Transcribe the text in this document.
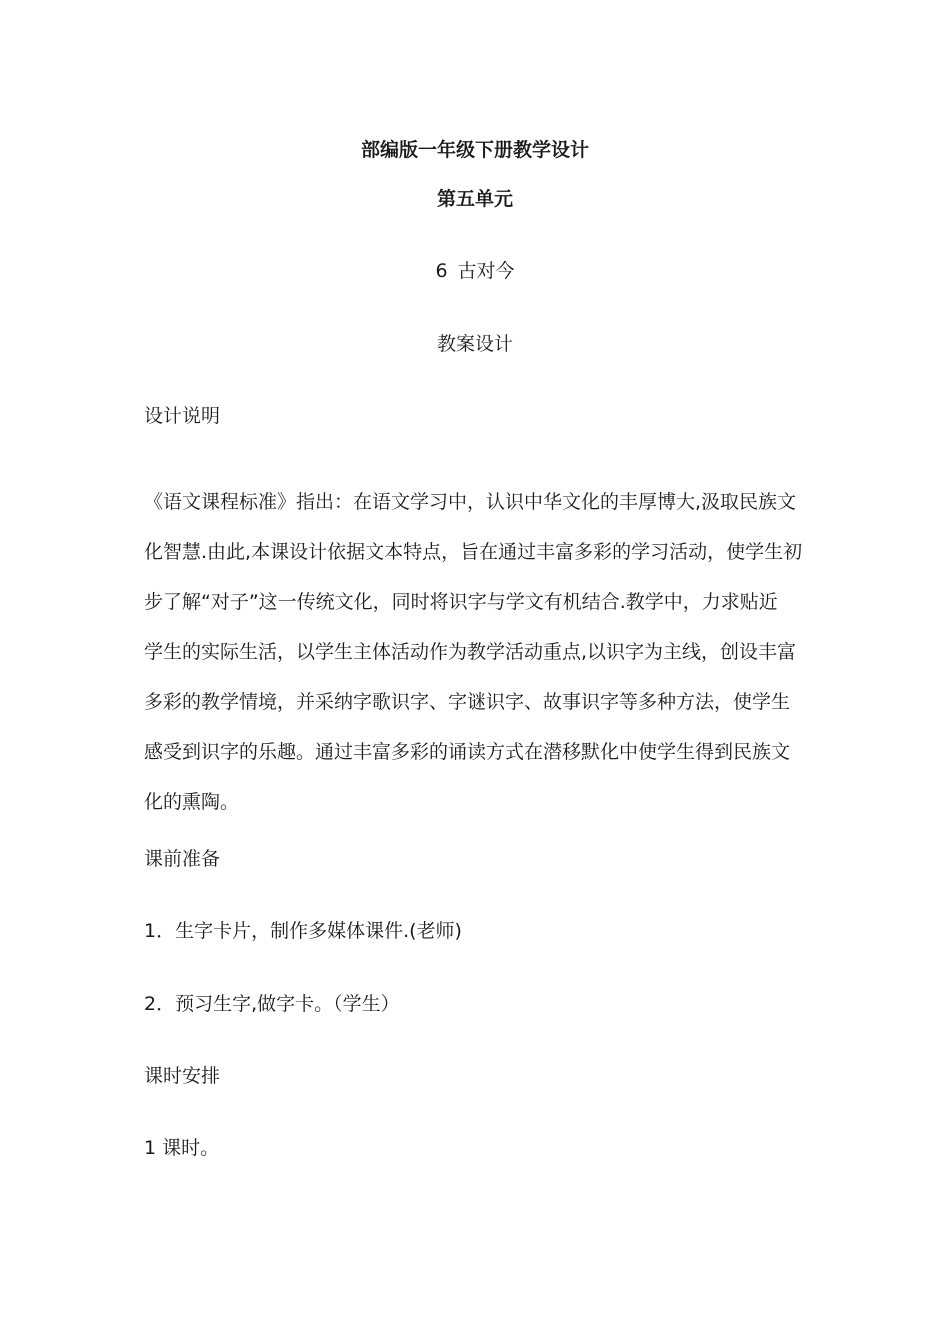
部编版一年级下册教学设计
第五单元

6 古对今

教案设计

设计说明

《语文课程标准》指出：在语文学习中，认识中华文化的丰厚博大,汲取民族文
化智慧.由此,本课设计依据文本特点，旨在通过丰富多彩的学习活动，使学生初
步了解“对子”这一传统文化，同时将识字与学文有机结合.教学中，力求贴近
学生的实际生活，以学生主体活动作为教学活动重点,以识字为主线，创设丰富
多彩的教学情境，并采纳字歌识字、字谜识字、故事识字等多种方法，使学生
感受到识字的乐趣。通过丰富多彩的诵读方式在潜移默化中使学生得到民族文
化的熏陶。

课前准备

1．生字卡片，制作多媒体课件.(老师)

2．预习生字,做字卡。（学生）

课时安排

1 课时。
